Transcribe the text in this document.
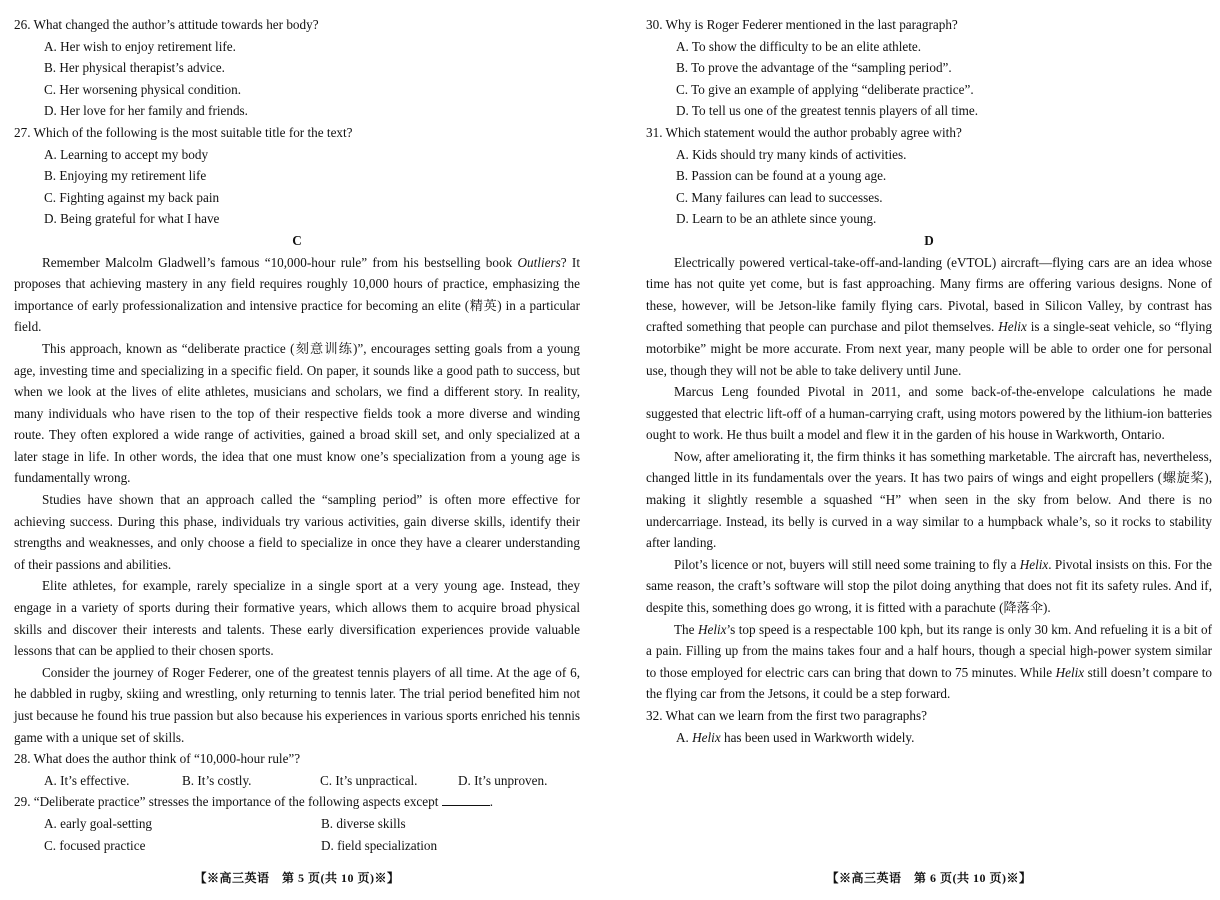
26. What changed the author’s attitude towards her body?

A. Her wish to enjoy retirement life.

B. Her physical therapist’s advice.

C. Her worsening physical condition.

D. Her love for her family and friends.

27. Which of the following is the most suitable title for the text?

A. Learning to accept my body

B. Enjoying my retirement life

C. Fighting against my back pain

D. Being grateful for what I have

C

Remember Malcolm Gladwell’s famous “10,000-hour rule” from his bestselling book Outliers? It proposes that achieving mastery in any field requires roughly 10,000 hours of practice, emphasizing the importance of early professionalization and intensive practice for becoming an elite (精英) in a particular field.

This approach, known as “deliberate practice (刻意训练)”, encourages setting goals from a young age, investing time and specializing in a specific field. On paper, it sounds like a good path to success, but when we look at the lives of elite athletes, musicians and scholars, we find a different story. In reality, many individuals who have risen to the top of their respective fields took a more diverse and winding route. They often explored a wide range of activities, gained a broad skill set, and only specialized at a later stage in life. In other words, the idea that one must know one’s specialization from a young age is fundamentally wrong.

Studies have shown that an approach called the “sampling period” is often more effective for achieving success. During this phase, individuals try various activities, gain diverse skills, identify their strengths and weaknesses, and only choose a field to specialize in once they have a clearer understanding of their passions and abilities.

Elite athletes, for example, rarely specialize in a single sport at a very young age. Instead, they engage in a variety of sports during their formative years, which allows them to acquire broad physical skills and discover their interests and talents. These early diversification experiences provide valuable lessons that can be applied to their chosen sports.

Consider the journey of Roger Federer, one of the greatest tennis players of all time. At the age of 6, he dabbled in rugby, skiing and wrestling, only returning to tennis later. The trial period benefited him not just because he found his true passion but also because his experiences in various sports enriched his tennis game with a unique set of skills.

28. What does the author think of “10,000-hour rule”?

A. It’s effective.	B. It’s costly.	C. It’s unpractical.	D. It’s unproven.

29. “Deliberate practice” stresses the importance of the following aspects except	.

A. early goal-setting	B. diverse skills
C. focused practice	D. field specialization
【※高三英语　第 5 页(共 10 页)※】

30. Why is Roger Federer mentioned in the last paragraph?

A. To show the difficulty to be an elite athlete.

B. To prove the advantage of the “sampling period”.

C. To give an example of applying “deliberate practice”.

D. To tell us one of the greatest tennis players of all time.

31. Which statement would the author probably agree with?

A. Kids should try many kinds of activities.

B. Passion can be found at a young age.

C. Many failures can lead to successes.

D. Learn to be an athlete since young.

D

Electrically powered vertical-take-off-and-landing (eVTOL) aircraft—flying cars are an idea whose time has not quite yet come, but is fast approaching. Many firms are offering various designs. None of these, however, will be Jetson-like family flying cars. Pivotal, based in Silicon Valley, by contrast has crafted something that people can purchase and pilot themselves. Helix is a single-seat vehicle, so “flying motorbike” might be more accurate. From next year, many people will be able to order one for personal use, though they will not be able to take delivery until June.

Marcus Leng founded Pivotal in 2011, and some back-of-the-envelope calculations he made suggested that electric lift-off of a human-carrying craft, using motors powered by the lithium-ion batteries ought to work. He thus built a model and flew it in the garden of his house in Warkworth, Ontario.

Now, after ameliorating it, the firm thinks it has something marketable. The aircraft has, nevertheless, changed little in its fundamentals over the years. It has two pairs of wings and eight propellers (螺旋桨), making it slightly resemble a squashed “H” when seen in the sky from below. And there is no undercarriage. Instead, its belly is curved in a way similar to a humpback whale’s, so it rocks to stability after landing.

Pilot’s licence or not, buyers will still need some training to fly a Helix. Pivotal insists on this. For the same reason, the craft’s software will stop the pilot doing anything that does not fit its safety rules. And if, despite this, something does go wrong, it is fitted with a parachute (降落伞).

The Helix’s top speed is a respectable 100 kph, but its range is only 30 km. And refueling it is a bit of a pain. Filling up from the mains takes four and a half hours, though a special high-power system similar to those employed for electric cars can bring that down to 75 minutes. While Helix still doesn’t compare to the flying car from the Jetsons, it could be a step forward.

32. What can we learn from the first two paragraphs?

A. Helix has been used in Warkworth widely.

【※高三英语　第 6 页(共 10 页)※】
